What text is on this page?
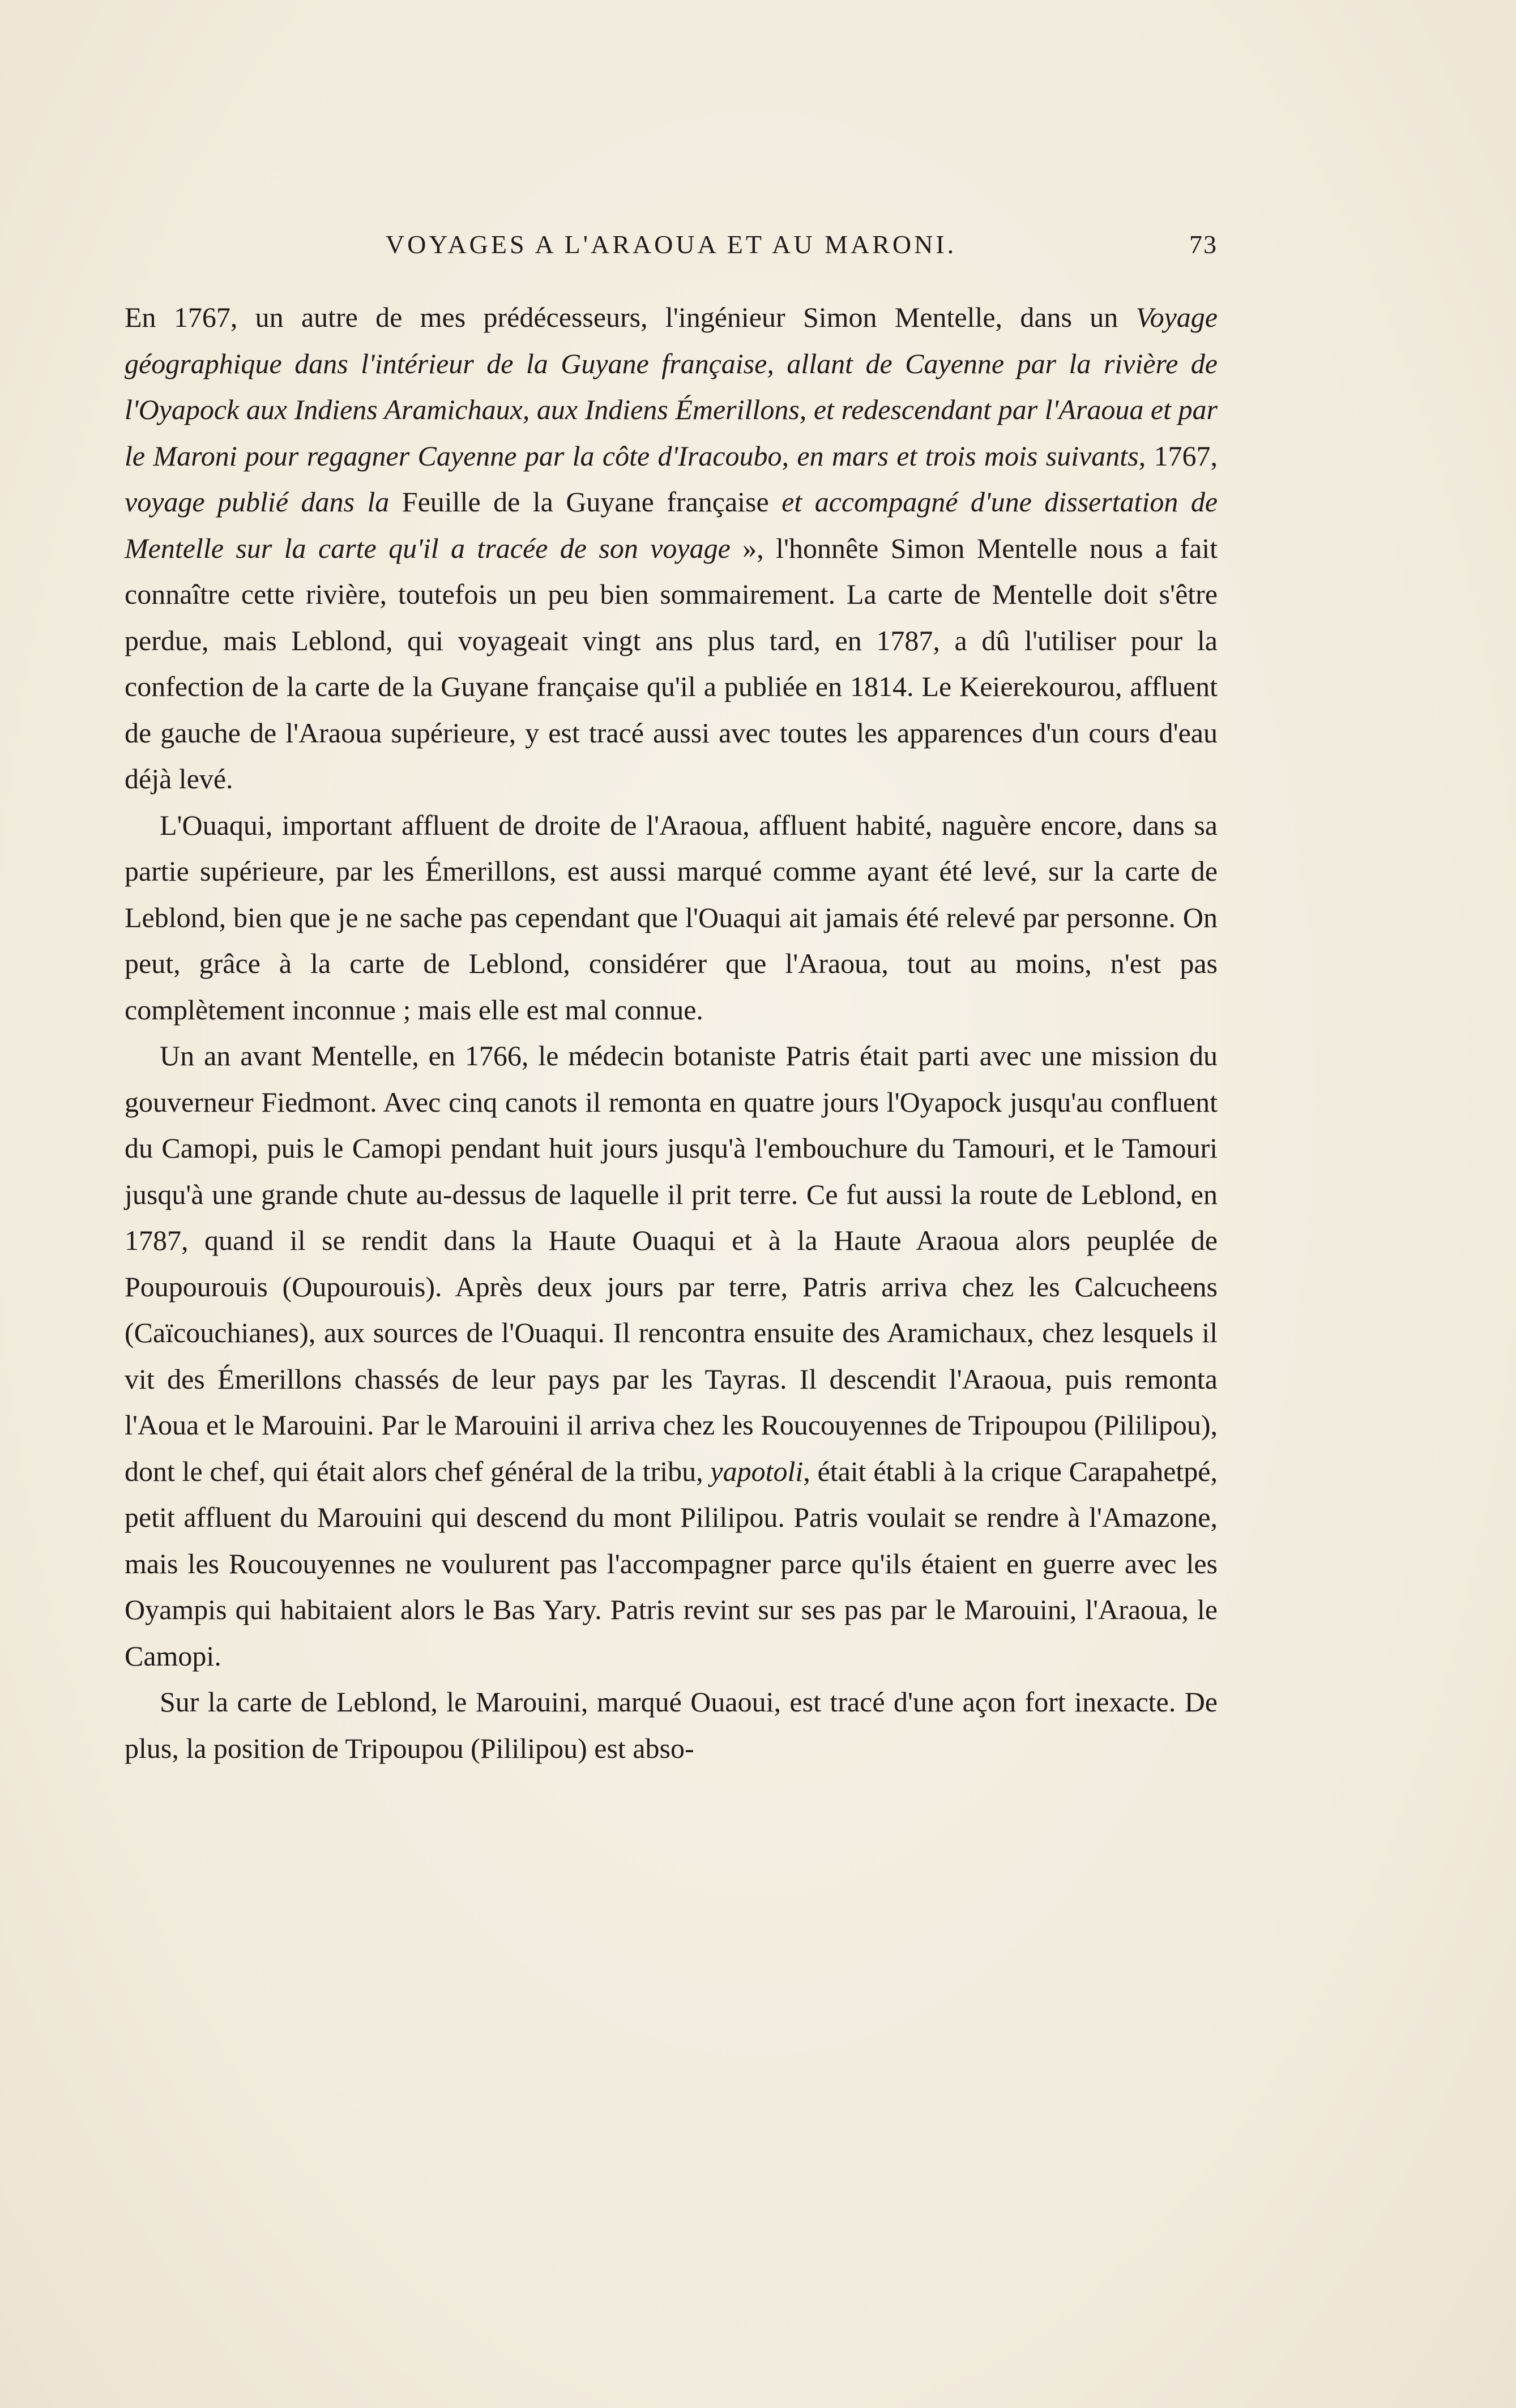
VOYAGES A L'ARAOUA ET AU MARONI.	73

En 1767, un autre de mes prédécesseurs, l'ingénieur Simon Mentelle, dans un Voyage géographique dans l'intérieur de la Guyane française, allant de Cayenne par la rivière de l'Oyapock aux Indiens Aramichaux, aux Indiens Émerillons, et redescendant par l'Araoua et par le Maroni pour regagner Cayenne par la côte d'Iracoubo, en mars et trois mois suivants, 1767, voyage publié dans la Feuille de la Guyane française et accompagné d'une dissertation de Mentelle sur la carte qu'il a tracée de son voyage », l'honnête Simon Mentelle nous a fait connaître cette rivière, toutefois un peu bien sommairement. La carte de Mentelle doit s'être perdue, mais Leblond, qui voyageait vingt ans plus tard, en 1787, a dû l'utiliser pour la confection de la carte de la Guyane française qu'il a publiée en 1814. Le Keierekourou, affluent de gauche de l'Araoua supérieure, y est tracé aussi avec toutes les apparences d'un cours d'eau déjà levé.

L'Ouaqui, important affluent de droite de l'Araoua, affluent habité, naguère encore, dans sa partie supérieure, par les Émerillons, est aussi marqué comme ayant été levé, sur la carte de Leblond, bien que je ne sache pas cependant que l'Ouaqui ait jamais été relevé par personne. On peut, grâce à la carte de Leblond, considérer que l'Araoua, tout au moins, n'est pas complètement inconnue ; mais elle est mal connue.

Un an avant Mentelle, en 1766, le médecin botaniste Patris était parti avec une mission du gouverneur Fiedmont. Avec cinq canots il remonta en quatre jours l'Oyapock jusqu'au confluent du Camopi, puis le Camopi pendant huit jours jusqu'à l'embouchure du Tamouri, et le Tamouri jusqu'à une grande chute au-dessus de laquelle il prit terre. Ce fut aussi la route de Leblond, en 1787, quand il se rendit dans la Haute Ouaqui et à la Haute Araoua alors peuplée de Poupourouis (Oupourouis). Après deux jours par terre, Patris arriva chez les Calcucheens (Caïcouchianes), aux sources de l'Ouaqui. Il rencontra ensuite des Aramichaux, chez lesquels il vit des Émerillons chassés de leur pays par les Tayras. Il descendit l'Araoua, puis remonta l'Aoua et le Marouini. Par le Marouini il arriva chez les Roucouyennes de Tripoupou (Pililipou), dont le chef, qui était alors chef général de la tribu, yapotoli, était établi à la crique Carapahetpé, petit affluent du Marouini qui descend du mont Pililipou. Patris voulait se rendre à l'Amazone, mais les Roucouyennes ne voulurent pas l'accompagner parce qu'ils étaient en guerre avec les Oyampis qui habitaient alors le Bas Yary. Patris revint sur ses pas par le Marouini, l'Araoua, le Camopi.

Sur la carte de Leblond, le Marouini, marqué Ouaoui, est tracé d'une açon fort inexacte. De plus, la position de Tripoupou (Pililipou) est abso-
